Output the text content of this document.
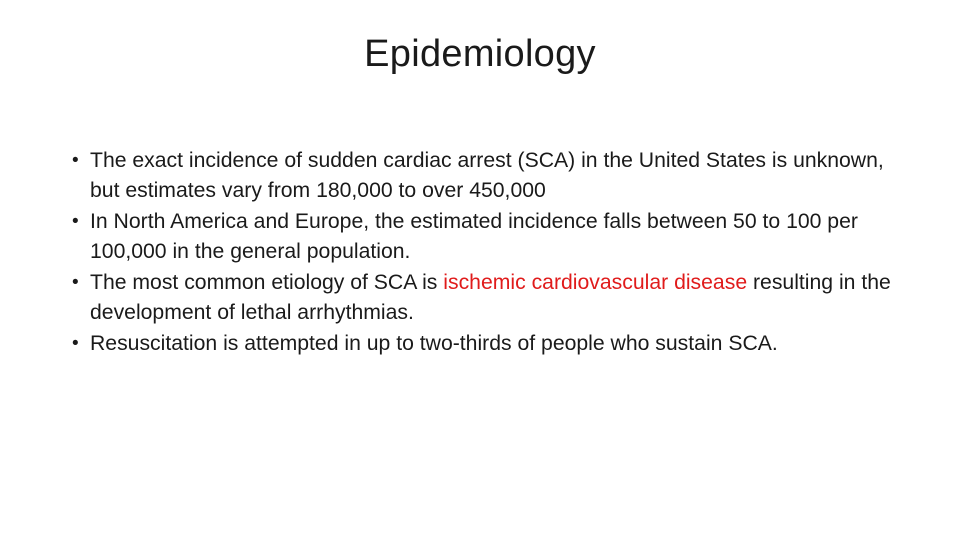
Epidemiology
• The exact incidence of sudden cardiac arrest (SCA) in the United States is unknown, but estimates vary from 180,000 to over 450,000
• In North America and Europe, the estimated incidence falls between 50 to 100 per 100,000 in the general population.
• The most common etiology of SCA is ischemic cardiovascular disease resulting in the development of lethal arrhythmias.
• Resuscitation is attempted in up to two-thirds of people who sustain SCA.
